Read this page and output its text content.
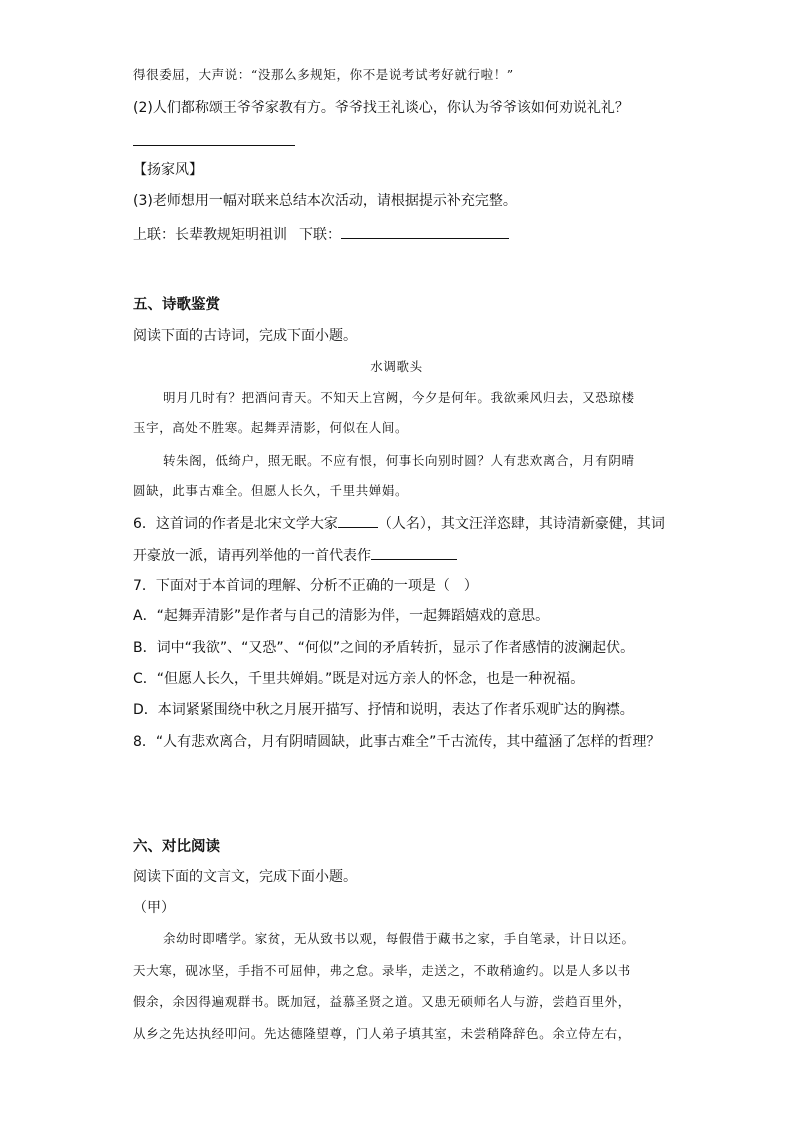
得很委屈，大声说：“没那么多规矩，你不是说考试考好就行啦！”
(2)人们都称颂王爷爷家教有方。爷爷找王礼谈心，你认为爷爷该如何劝说礼礼？
【扬家风】
(3)老师想用一幅对联来总结本次活动，请根据提示补充完整。
上联：长辈教规矩明祖训 下联：
五、诗歌鉴赏
阅读下面的古诗词，完成下面小题。
水调歌头
明月几时有？把酒问青天。不知天上宫阙，今夕是何年。我欲乘风归去，又恐琼楼
玉宇，高处不胜寒。起舞弄清影，何似在人间。
转朱阁，低绮户，照无眠。不应有恨，何事长向别时圆？人有悲欢离合，月有阴晴
圆缺，此事古难全。但愿人长久，千里共婵娟。
6．这首词的作者是北宋文学大家	（人名），其文汪洋恣肆，其诗清新豪健，其词
开豪放一派，请再列举他的一首代表作
7．下面对于本首词的理解、分析不正确的一项是（　）
A．“起舞弄清影”是作者与自己的清影为伴，一起舞蹈嬉戏的意思。
B．词中“我欲”、“又恐”、“何似”之间的矛盾转折，显示了作者感情的波澜起伏。
C．“但愿人长久，千里共婵娟。”既是对远方亲人的怀念，也是一种祝福。
D．本词紧紧围绕中秋之月展开描写、抒情和说明，表达了作者乐观旷达的胸襟。
8．“人有悲欢离合，月有阴晴圆缺，此事古难全”千古流传，其中蕴涵了怎样的哲理？
六、对比阅读
阅读下面的文言文，完成下面小题。
（甲）
余幼时即嗜学。家贫，无从致书以观，每假借于藏书之家，手自笔录，计日以还。
天大寒，砚冰坚，手指不可屈伸，弗之怠。录毕，走送之，不敢稍逾约。以是人多以书
假余，余因得遍观群书。既加冠，益慕圣贤之道。又患无硕师名人与游，尝趋百里外，
从乡之先达执经叩问。先达德隆望尊，门人弟子填其室，未尝稍降辞色。余立侍左右，
